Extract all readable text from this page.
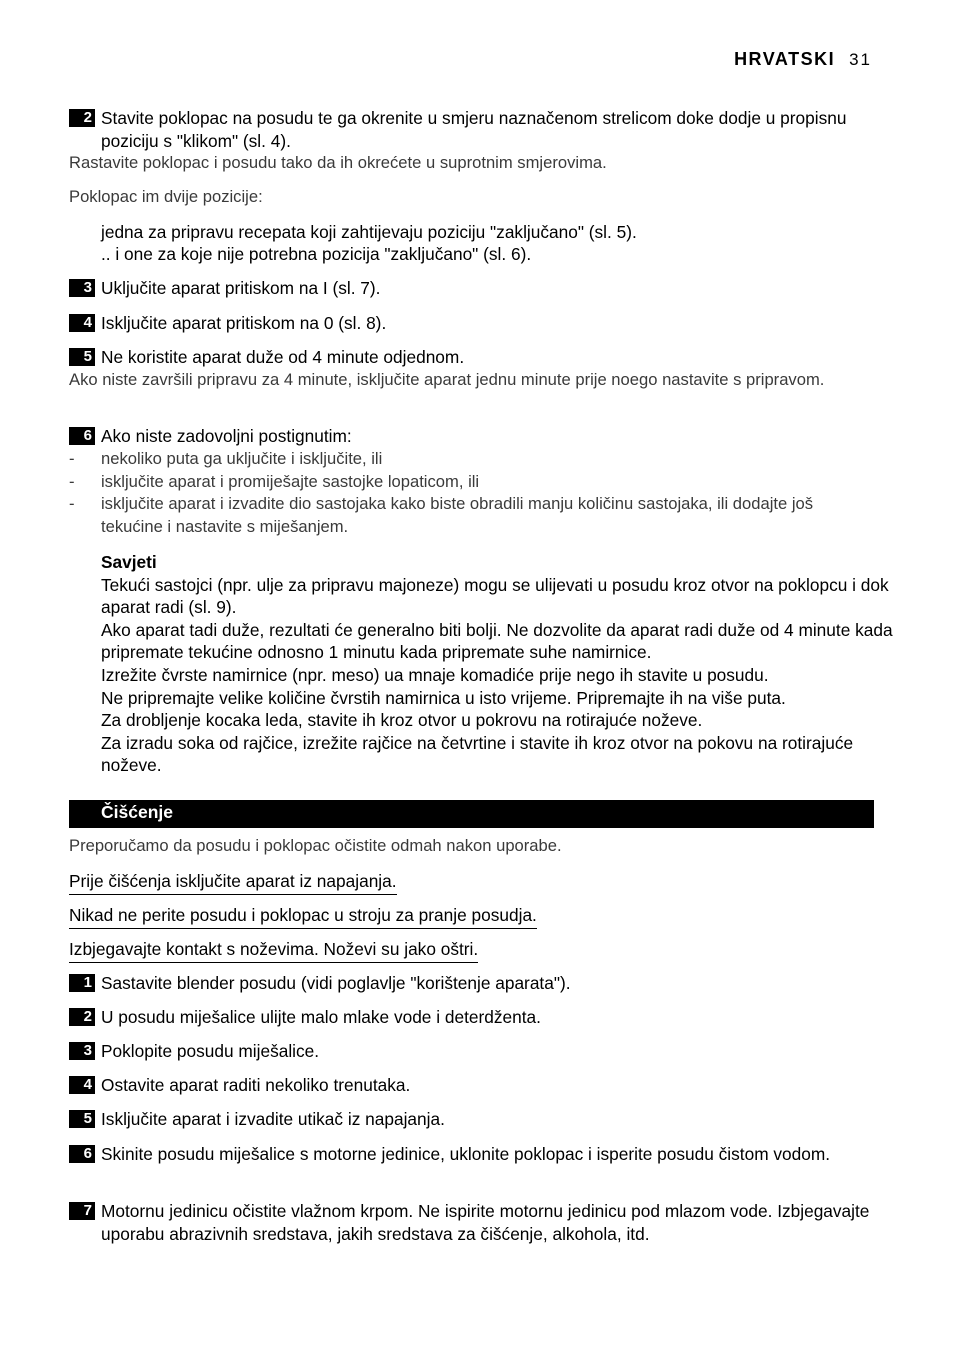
HRVATSKI 31
2 Stavite poklopac na posudu te ga okrenite u smjeru naznačenom strelicom doke dodje u propisnu poziciju s "klikom" (sl. 4).
Rastavite poklopac i posudu tako da ih okrećete u suprotnim smjerovima.
Poklopac im dvije pozicije:
jedna za pripravu recepata koji zahtijevaju poziciju "zaključano" (sl. 5).
.. i one za koje nije potrebna pozicija "zaključano" (sl. 6).
3 Uključite aparat pritiskom na I (sl. 7).
4 Isključite aparat pritiskom na 0 (sl. 8).
5 Ne koristite aparat duže od 4 minute odjednom.
Ako niste završili pripravu za 4 minute, isključite aparat jednu minute prije noego nastavite s pripravom.
6 Ako niste zadovoljni postignutim:
-	nekoliko puta ga uključite i isključite, ili
-	isključite aparat i promiješajte sastojke lopaticom, ili
-	isključite aparat i izvadite dio sastojaka kako biste obradili manju količinu sastojaka, ili dodajte još tekućine i nastavite s miješanjem.
Savjeti
Tekući sastojci (npr. ulje za pripravu majoneze) mogu se ulijevati u posudu kroz otvor na poklopcu i dok aparat radi (sl. 9).
Ako aparat tadi duže, rezultati će generalno biti bolji. Ne dozvolite da aparat radi duže od 4 minute kada pripremate tekućine odnosno 1 minutu kada pripremate suhe namirnice.
Izrežite čvrste namirnice (npr. meso) ua mnaje komadiće prije nego ih stavite u posudu.
Ne pripremajte velike količine čvrstih namirnica u isto vrijeme. Pripremajte ih na više puta.
Za drobljenje kocaka leda, stavite ih kroz otvor u pokrovu na rotirajuće noževe.
Za izradu soka od rajčice, izrežite rajčice na četvrtine i stavite ih kroz otvor na pokovu na rotirajuće noževe.
Čišćenje
Preporučamo da posudu i poklopac očistite odmah nakon uporabe.
Prije čišćenja isključite aparat iz napajanja.
Nikad ne perite posudu i poklopac u stroju za pranje posudja.
Izbjegavajte kontakt s noževima. Noževi su jako oštri.
1 Sastavite blender posudu (vidi poglavlje "korištenje aparata").
2 U posudu miješalice ulijte malo mlake vode i deterdženta.
3 Poklopite posudu miješalice.
4 Ostavite aparat raditi nekoliko trenutaka.
5 Isključite aparat i izvadite utikač iz napajanja.
6 Skinite posudu miješalice s motorne jedinice, uklonite poklopac i isperite posudu čistom vodom.
7 Motornu jedinicu očistite vlažnom krpom. Ne ispirite motornu jedinicu pod mlazom vode. Izbjegavajte uporabu abrazivnih sredstava, jakih sredstava za čišćenje, alkohola, itd.
